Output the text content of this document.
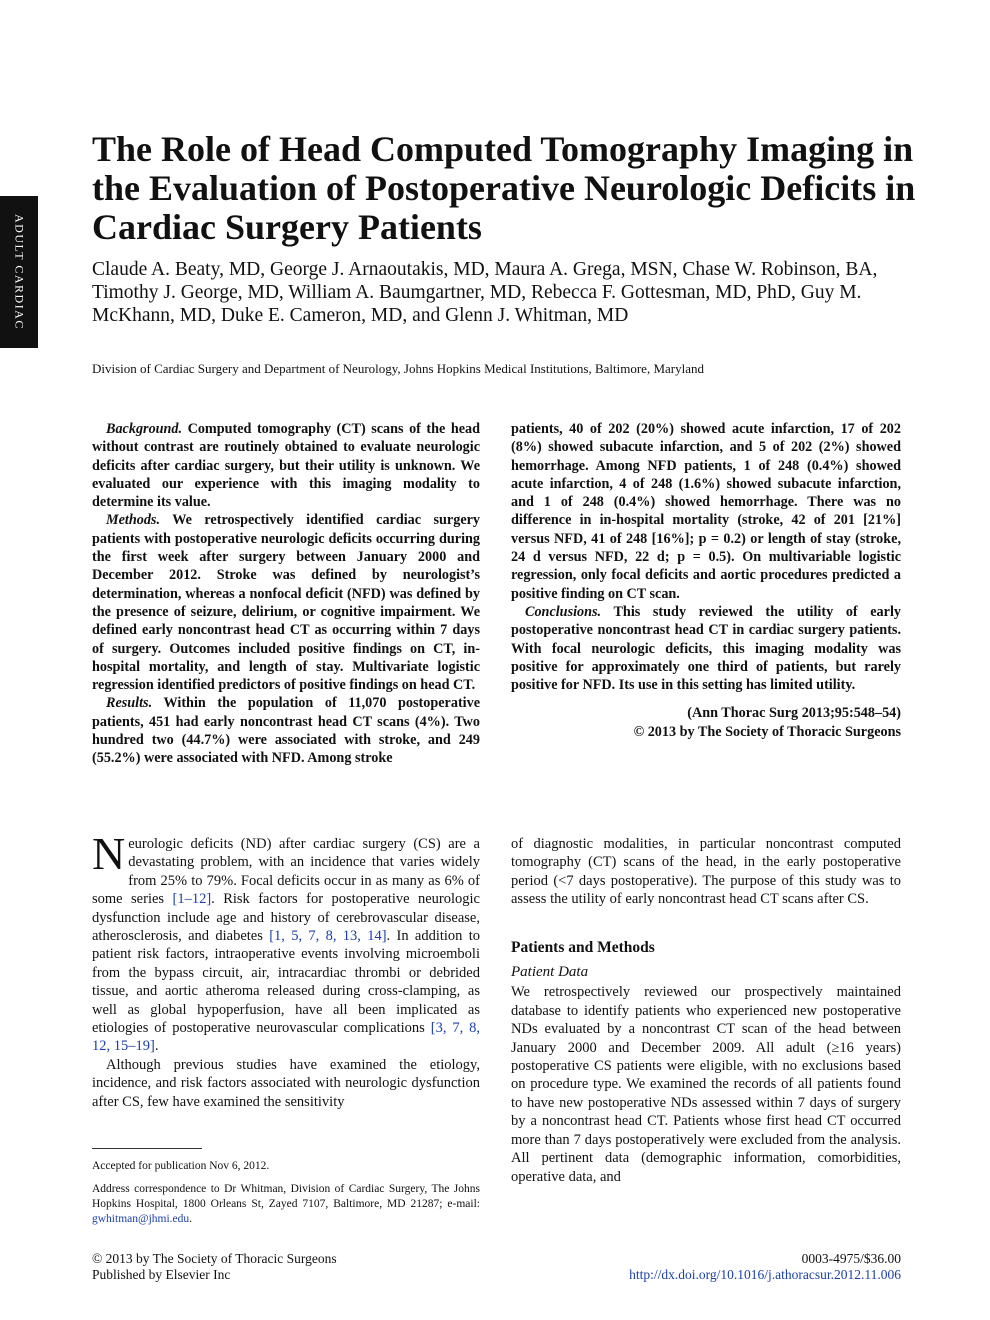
ADULT CARDIAC
The Role of Head Computed Tomography Imaging in the Evaluation of Postoperative Neurologic Deficits in Cardiac Surgery Patients

Claude A. Beaty, MD, George J. Arnaoutakis, MD, Maura A. Grega, MSN, Chase W. Robinson, BA, Timothy J. George, MD, William A. Baumgartner, MD, Rebecca F. Gottesman, MD, PhD, Guy M. McKhann, MD, Duke E. Cameron, MD, and Glenn J. Whitman, MD

Division of Cardiac Surgery and Department of Neurology, Johns Hopkins Medical Institutions, Baltimore, Maryland

Background. Computed tomography (CT) scans of the head without contrast are routinely obtained to evaluate neurologic deficits after cardiac surgery, but their utility is unknown. We evaluated our experience with this imaging modality to determine its value.

Methods. We retrospectively identified cardiac surgery patients with postoperative neurologic deficits occurring during the first week after surgery between January 2000 and December 2012. Stroke was defined by neurologist’s determination, whereas a nonfocal deficit (NFD) was defined by the presence of seizure, delirium, or cognitive impairment. We defined early noncontrast head CT as occurring within 7 days of surgery. Outcomes included positive findings on CT, in-hospital mortality, and length of stay. Multivariate logistic regression identified predictors of positive findings on head CT.

Results. Within the population of 11,070 postoperative patients, 451 had early noncontrast head CT scans (4%). Two hundred two (44.7%) were associated with stroke, and 249 (55.2%) were associated with NFD. Among stroke

patients, 40 of 202 (20%) showed acute infarction, 17 of 202 (8%) showed subacute infarction, and 5 of 202 (2%) showed hemorrhage. Among NFD patients, 1 of 248 (0.4%) showed acute infarction, 4 of 248 (1.6%) showed subacute infarction, and 1 of 248 (0.4%) showed hemorrhage. There was no difference in in-hospital mortality (stroke, 42 of 201 [21%] versus NFD, 41 of 248 [16%]; p = 0.2) or length of stay (stroke, 24 d versus NFD, 22 d; p = 0.5). On multivariable logistic regression, only focal deficits and aortic procedures predicted a positive finding on CT scan.

Conclusions. This study reviewed the utility of early postoperative noncontrast head CT in cardiac surgery patients. With focal neurologic deficits, this imaging modality was positive for approximately one third of patients, but rarely positive for NFD. Its use in this setting has limited utility.

(Ann Thorac Surg 2013;95:548–54)
© 2013 by The Society of Thoracic Surgeons

Neurologic deficits (ND) after cardiac surgery (CS) are a devastating problem, with an incidence that varies widely from 25% to 79%. Focal deficits occur in as many as 6% of some series [1–12]. Risk factors for postoperative neurologic dysfunction include age and history of cerebrovascular disease, atherosclerosis, and diabetes [1, 5, 7, 8, 13, 14]. In addition to patient risk factors, intraoperative events involving microemboli from the bypass circuit, air, intracardiac thrombi or debrided tissue, and aortic atheroma released during cross-clamping, as well as global hypoperfusion, have all been implicated as etiologies of postoperative neurovascular complications [3, 7, 8, 12, 15–19].

Although previous studies have examined the etiology, incidence, and risk factors associated with neurologic dysfunction after CS, few have examined the sensitivity

of diagnostic modalities, in particular noncontrast computed tomography (CT) scans of the head, in the early postoperative period (<7 days postoperative). The purpose of this study was to assess the utility of early noncontrast head CT scans after CS.

Patients and Methods

Patient Data

We retrospectively reviewed our prospectively maintained database to identify patients who experienced new postoperative NDs evaluated by a noncontrast CT scan of the head between January 2000 and December 2009. All adult (≥16 years) postoperative CS patients were eligible, with no exclusions based on procedure type. We examined the records of all patients found to have new postoperative NDs assessed within 7 days of surgery by a noncontrast head CT. Patients whose first head CT occurred more than 7 days postoperatively were excluded from the analysis. All pertinent data (demographic information, comorbidities, operative data, and

Accepted for publication Nov 6, 2012.

Address correspondence to Dr Whitman, Division of Cardiac Surgery, The Johns Hopkins Hospital, 1800 Orleans St, Zayed 7107, Baltimore, MD 21287; e-mail: gwhitman@jhmi.edu.

© 2013 by The Society of Thoracic Surgeons
Published by Elsevier Inc
0003-4975/$36.00
http://dx.doi.org/10.1016/j.athoracsur.2012.11.006
